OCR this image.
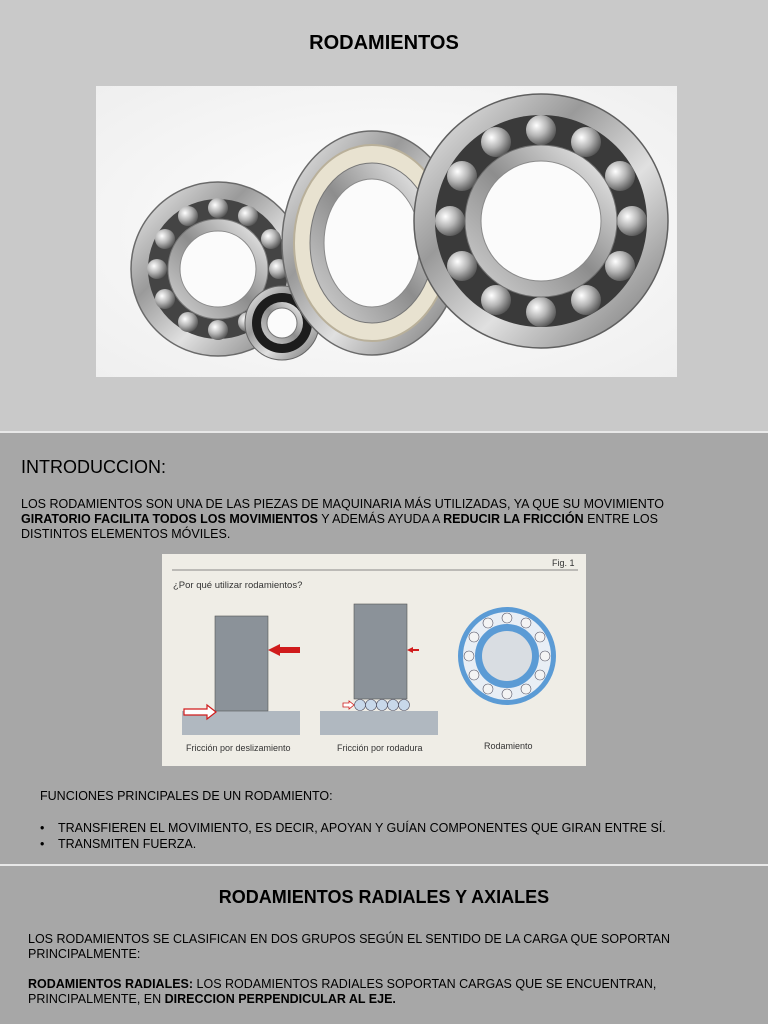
RODAMIENTOS
INTRODUCCION:
LOS RODAMIENTOS SON UNA DE LAS PIEZAS DE MAQUINARIA MÁS UTILIZADAS, YA QUE SU MOVIMIENTO GIRATORIO FACILITA TODOS LOS MOVIMIENTOS Y ADEMÁS AYUDA A REDUCIR LA FRICCIÓN ENTRE LOS DISTINTOS ELEMENTOS MÓVILES.
Fig. 1
¿Por qué utilizar rodamientos?
Fricción por deslizamiento	Fricción por rodadura	Rodamiento
FUNCIONES PRINCIPALES DE UN RODAMIENTO:
• TRANSFIEREN EL MOVIMIENTO, ES DECIR, APOYAN Y GUÍAN COMPONENTES QUE GIRAN ENTRE SÍ.
• TRANSMITEN FUERZA.
RODAMIENTOS RADIALES Y AXIALES
LOS RODAMIENTOS SE CLASIFICAN EN DOS GRUPOS SEGÚN EL SENTIDO DE LA CARGA QUE SOPORTAN PRINCIPALMENTE:
RODAMIENTOS RADIALES: LOS RODAMIENTOS RADIALES SOPORTAN CARGAS QUE SE ENCUENTRAN, PRINCIPALMENTE, EN DIRECCION PERPENDICULAR AL EJE.
